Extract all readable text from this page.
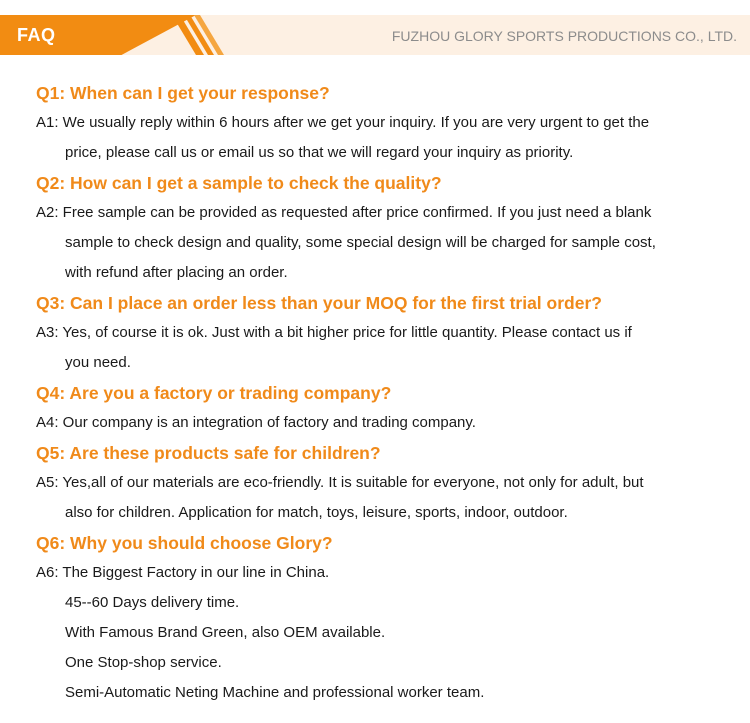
FAQ	FUZHOU GLORY SPORTS PRODUCTIONS CO., LTD.
Q1: When can I get your response?
A1: We usually reply within 6 hours after we get your inquiry. If you are very urgent to get the
price, please call us or email us so that we will regard your inquiry as priority.
Q2: How can I get a sample to check the quality?
A2: Free sample can be provided as requested after price confirmed. If you just need a blank
sample to check design and quality, some special design will be charged for sample cost,
with refund after placing an order.
Q3: Can I place an order less than your MOQ for the first trial order?
A3: Yes, of course it is ok. Just with a bit higher price for little quantity. Please contact us if
you need.
Q4: Are you a factory or trading company?
A4: Our company is an integration of factory and trading company.
Q5: Are these products safe for children?
A5: Yes,all of our materials are eco-friendly. It is suitable for everyone, not only for adult, but
also for children. Application for match, toys, leisure, sports, indoor, outdoor.
Q6: Why you should choose Glory?
A6: The Biggest Factory in our line in China.
45--60 Days delivery time.
With Famous Brand Green, also OEM available.
One Stop-shop service.
Semi-Automatic Neting Machine and professional worker team.
